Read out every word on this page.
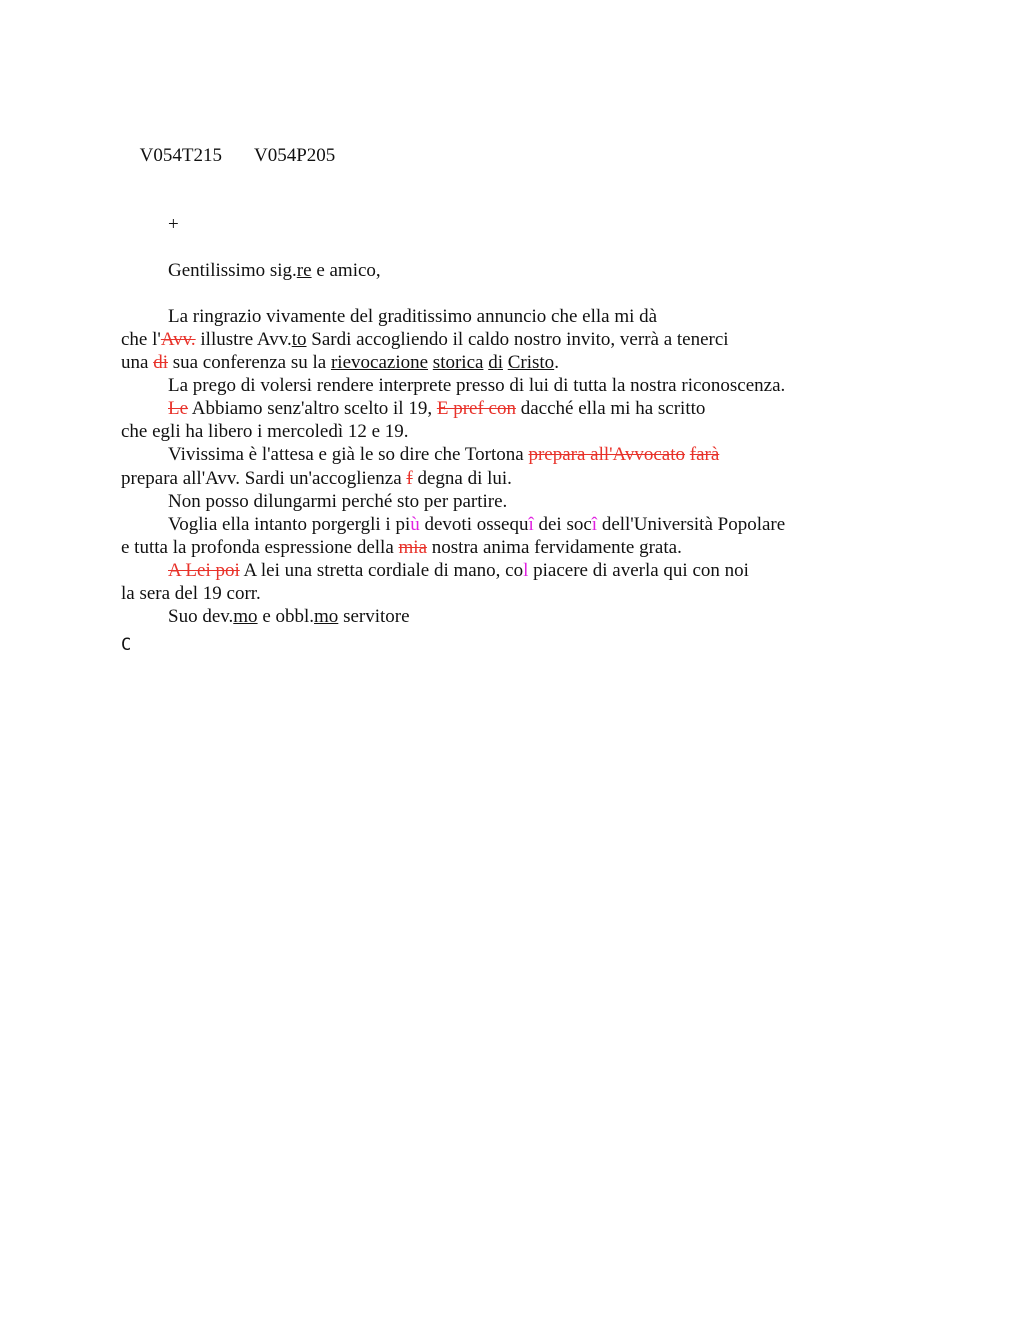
V054T215 V054P205

+
Gentilissimo sig.re e amico,
La ringrazio vivamente del graditissimo annuncio che ella mi dà
che l'Avv. illustre Avv.to Sardi accogliendo il caldo nostro invito, verrà a tenerci
una di sua conferenza su la rievocazione storica di Cristo.
La prego di volersi rendere interprete presso di lui di tutta la nostra riconoscenza.
Le Abbiamo senz'altro scelto il 19, E pref con dacché ella mi ha scritto
che egli ha libero i mercoledì 12 e 19.
Vivissima è l'attesa e già le so dire che Tortona prepara all'Avvocato farà
prepara all'Avv. Sardi un'accoglienza f degna di lui.
Non posso dilungarmi perché sto per partire.
Voglia ella intanto porgergli i più devoti ossequî dei socî dell'Università Popolare
e tutta la profonda espressione della mia nostra anima fervidamente grata.
A Lei poi A lei una stretta cordiale di mano, col piacere di averla qui con noi
la sera del 19 corr.
Suo dev.mo e obbl.mo servitore
C
